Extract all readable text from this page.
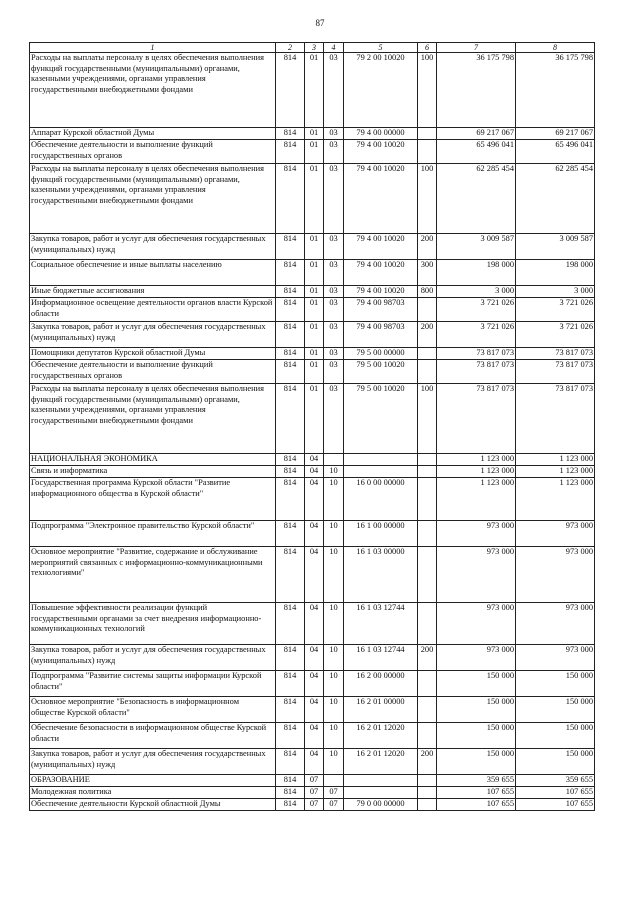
87
1	2	3	4	5	6	7	8
Расходы на выплаты персоналу в целях обеспечения выполнения функций государственными (муниципальными) органами, казенными учреждениями, органами управления государственными внебюджетными фондами	814	01	03	79 2 00 10020	100	36 175 798	36 175 798
Аппарат Курской областной Думы	814	01	03	79 4 00 00000		69 217 067	69 217 067
Обеспечение деятельности и выполнение функций государственных органов	814	01	03	79 4 00 10020		65 496 041	65 496 041
Расходы на выплаты персоналу в целях обеспечения выполнения функций государственными (муниципальными) органами, казенными учреждениями, органами управления государственными внебюджетными фондами	814	01	03	79 4 00 10020	100	62 285 454	62 285 454
Закупка товаров, работ и услуг для обеспечения государственных (муниципальных) нужд	814	01	03	79 4 00 10020	200	3 009 587	3 009 587
Социальное обеспечение и иные выплаты населению	814	01	03	79 4 00 10020	300	198 000	198 000
Иные бюджетные ассигнования	814	01	03	79 4 00 10020	800	3 000	3 000
Информационное освещение деятельности органов власти Курской области	814	01	03	79 4 00 98703		3 721 026	3 721 026
Закупка товаров, работ и услуг для обеспечения государственных (муниципальных) нужд	814	01	03	79 4 00 98703	200	3 721 026	3 721 026
Помощники депутатов Курской областной Думы	814	01	03	79 5 00 00000		73 817 073	73 817 073
Обеспечение деятельности и выполнение функций государственных органов	814	01	03	79 5 00 10020		73 817 073	73 817 073
Расходы на выплаты персоналу в целях обеспечения выполнения функций государственными (муниципальными) органами, казенными учреждениями, органами управления государственными внебюджетными фондами	814	01	03	79 5 00 10020	100	73 817 073	73 817 073
НАЦИОНАЛЬНАЯ ЭКОНОМИКА	814	04				1 123 000	1 123 000
Связь и информатика	814	04	10			1 123 000	1 123 000
Государственная программа Курской области "Развитие информационного общества в Курской области"	814	04	10	16 0 00 00000		1 123 000	1 123 000
Подпрограмма "Электронное правительство Курской области"	814	04	10	16 1 00 00000		973 000	973 000
Основное мероприятие "Развитие, содержание и обслуживание мероприятий связанных с информационно-коммуникационными технологиями"	814	04	10	16 1 03 00000		973 000	973 000
Повышение эффективности реализации функций государственными органами за счет внедрения информационно-коммуникационных технологий	814	04	10	16 1 03 12744		973 000	973 000
Закупка товаров, работ и услуг для обеспечения государственных (муниципальных) нужд	814	04	10	16 1 03 12744	200	973 000	973 000
Подпрограмма "Развитие системы защиты информации Курской области"	814	04	10	16 2 00 00000		150 000	150 000
Основное мероприятие "Безопасность в информационном обществе Курской области"	814	04	10	16 2 01 00000		150 000	150 000
Обеспечение безопасности в информационном обществе Курской области	814	04	10	16 2 01 12020		150 000	150 000
Закупка товаров, работ и услуг для обеспечения государственных (муниципальных) нужд	814	04	10	16 2 01 12020	200	150 000	150 000
ОБРАЗОВАНИЕ	814	07				359 655	359 655
Молодежная политика	814	07	07			107 655	107 655
Обеспечение деятельности Курской областной Думы	814	07	07	79 0 00 00000		107 655	107 655
